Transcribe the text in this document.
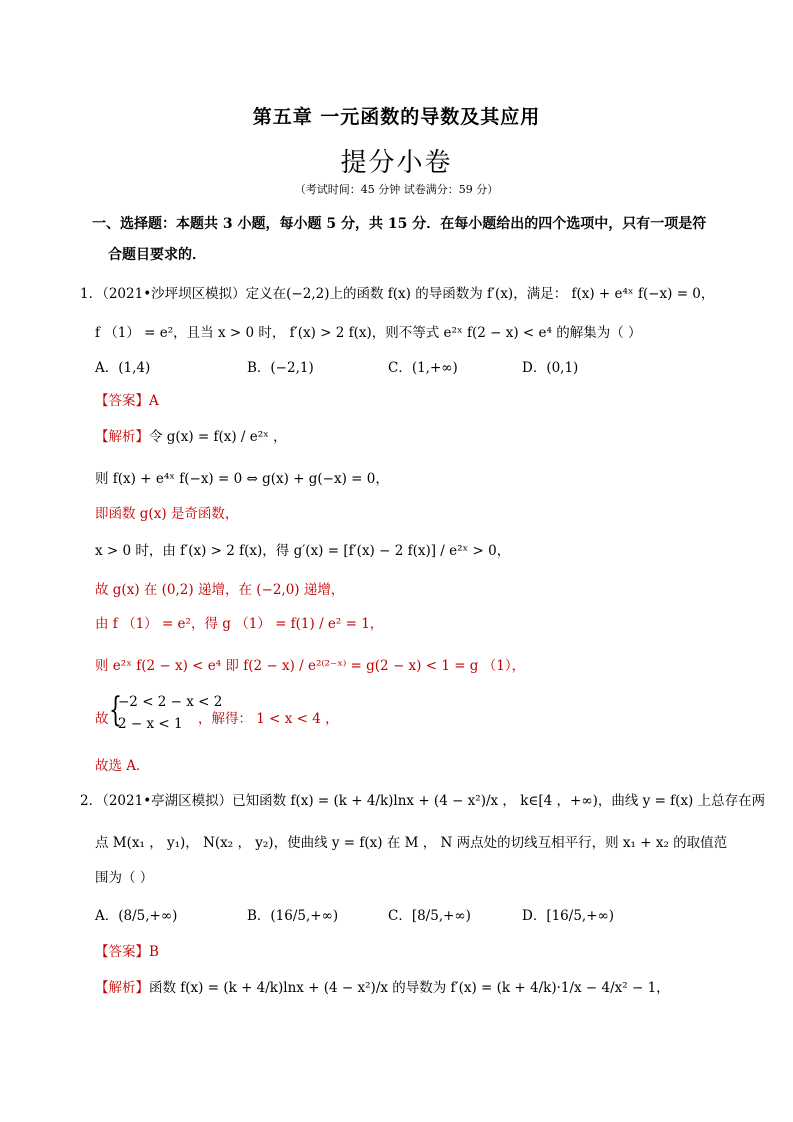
第五章 一元函数的导数及其应用
提分小卷
（考试时间：45 分钟 试卷满分：59 分）
一、选择题：本题共 3 小题，每小题 5 分，共 15 分．在每小题给出的四个选项中，只有一项是符
合题目要求的．
1．（2021•沙坪坝区模拟）定义在(−2,2)上的函数 f(x) 的导函数为 f′(x)，满足： f(x) + e⁴ˣ f(−x) = 0，
f （1） = e²，且当 x > 0 时， f′(x) > 2 f(x)，则不等式 e²ˣ f(2 − x) < e⁴ 的解集为（ ）
A．(1,4)	B．(−2,1)	C．(1,+∞)	D．(0,1)
【答案】A
【解析】令 g(x) = f(x) / e²ˣ ，
则 f(x) + e⁴ˣ f(−x) = 0 ⇔ g(x) + g(−x) = 0，
即函数 g(x) 是奇函数，
x > 0 时，由 f′(x) > 2 f(x)，得 g′(x) = [f′(x) − 2 f(x)] / e²ˣ > 0，
故 g(x) 在 (0,2) 递增，在 (−2,0) 递增，
由 f （1） = e²，得 g （1） = f(1) / e² = 1，
则 e²ˣ f(2 − x) < e⁴ 即 f(2 − x) / e²⁽²⁻ˣ⁾ = g(2 − x) < 1 = g （1），
故 {
−2 < 2 − x < 2
2 − x < 1 ，解得： 1 < x < 4 ，
故选 A．
2．（2021•亭湖区模拟）已知函数 f(x) = (k + 4/k)lnx + (4 − x²)/x ， k∈[4 ，+∞)，曲线 y = f(x) 上总存在两
点 M(x₁ ， y₁)， N(x₂ ， y₂)，使曲线 y = f(x) 在 M ， N 两点处的切线互相平行，则 x₁ + x₂ 的取值范
围为（ ）
A．(8/5,+∞)	B．(16/5,+∞)	C．[8/5,+∞)	D．[16/5,+∞)
【答案】B
【解析】函数 f(x) = (k + 4/k)lnx + (4 − x²)/x 的导数为 f′(x) = (k + 4/k)·1/x − 4/x² − 1，
